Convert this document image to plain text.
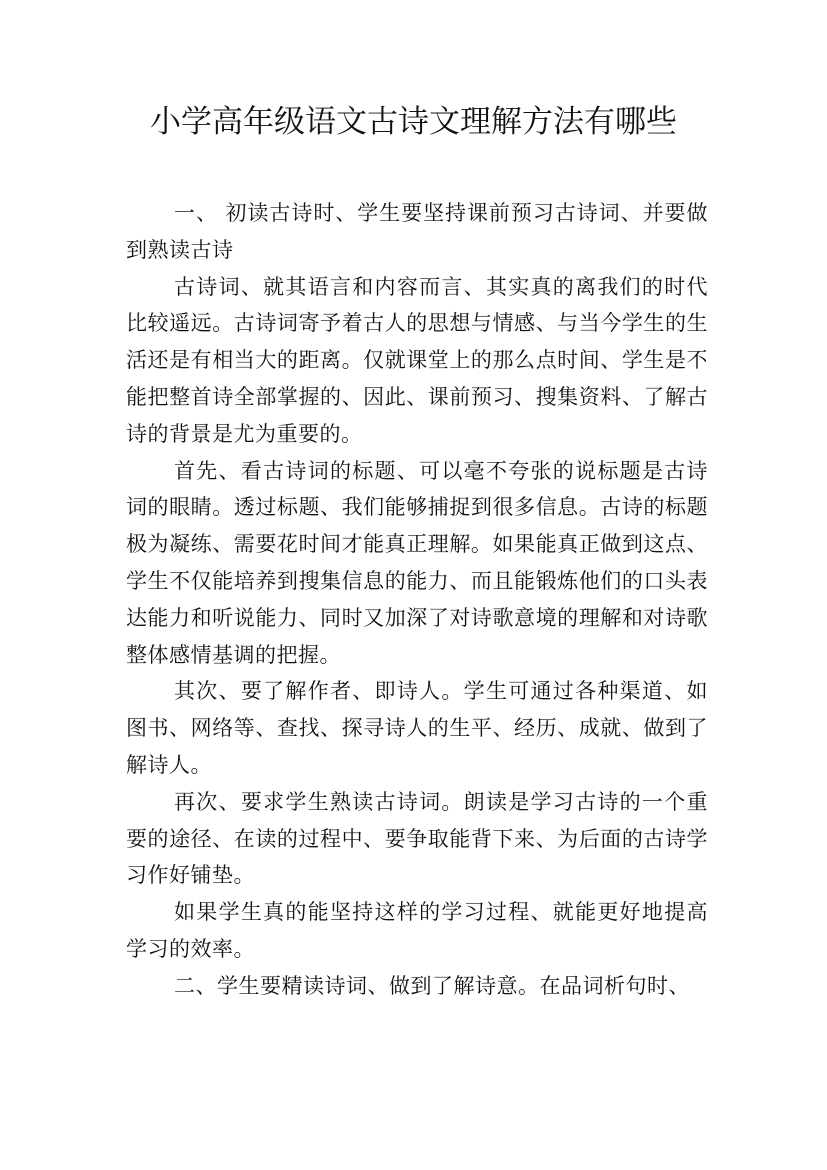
小学高年级语文古诗文理解方法有哪些

一、 初读古诗时、学生要坚持课前预习古诗词、并要做到熟读古诗

古诗词、就其语言和内容而言、其实真的离我们的时代比较遥远。古诗词寄予着古人的思想与情感、与当今学生的生活还是有相当大的距离。仅就课堂上的那么点时间、学生是不能把整首诗全部掌握的、因此、课前预习、搜集资料、了解古诗的背景是尤为重要的。

首先、看古诗词的标题、可以毫不夸张的说标题是古诗词的眼睛。透过标题、我们能够捕捉到很多信息。古诗的标题极为凝练、需要花时间才能真正理解。如果能真正做到这点、学生不仅能培养到搜集信息的能力、而且能锻炼他们的口头表达能力和听说能力、同时又加深了对诗歌意境的理解和对诗歌整体感情基调的把握。

其次、要了解作者、即诗人。学生可通过各种渠道、如图书、网络等、查找、探寻诗人的生平、经历、成就、做到了解诗人。

再次、要求学生熟读古诗词。朗读是学习古诗的一个重要的途径、在读的过程中、要争取能背下来、为后面的古诗学习作好铺垫。

如果学生真的能坚持这样的学习过程、就能更好地提高学习的效率。

二、学生要精读诗词、做到了解诗意。在品词析句时、
